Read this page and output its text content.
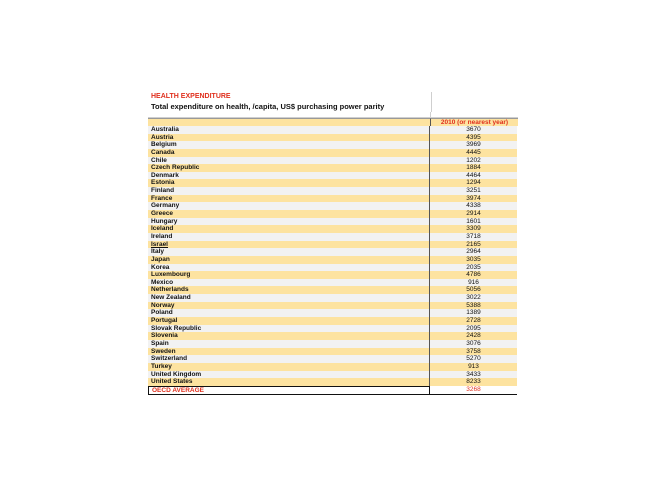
HEALTH EXPENDITURE
Total expenditure on health, /capita, US$ purchasing power parity
2010 (or nearest year)
Australia	3670
Austria	4395
Belgium	3969
Canada	4445
Chile	1202
Czech Republic	1884
Denmark	4464
Estonia	1294
Finland	3251
France	3974
Germany	4338
Greece	2914
Hungary	1601
Iceland	3309
Ireland	3718
Israel	2165
Italy	2964
Japan	3035
Korea	2035
Luxembourg	4786
Mexico	916
Netherlands	5056
New Zealand	3022
Norway	5388
Poland	1389
Portugal	2728
Slovak Republic	2095
Slovenia	2428
Spain	3076
Sweden	3758
Switzerland	5270
Turkey	913
United Kingdom	3433
United States	8233
OECD AVERAGE	3268
